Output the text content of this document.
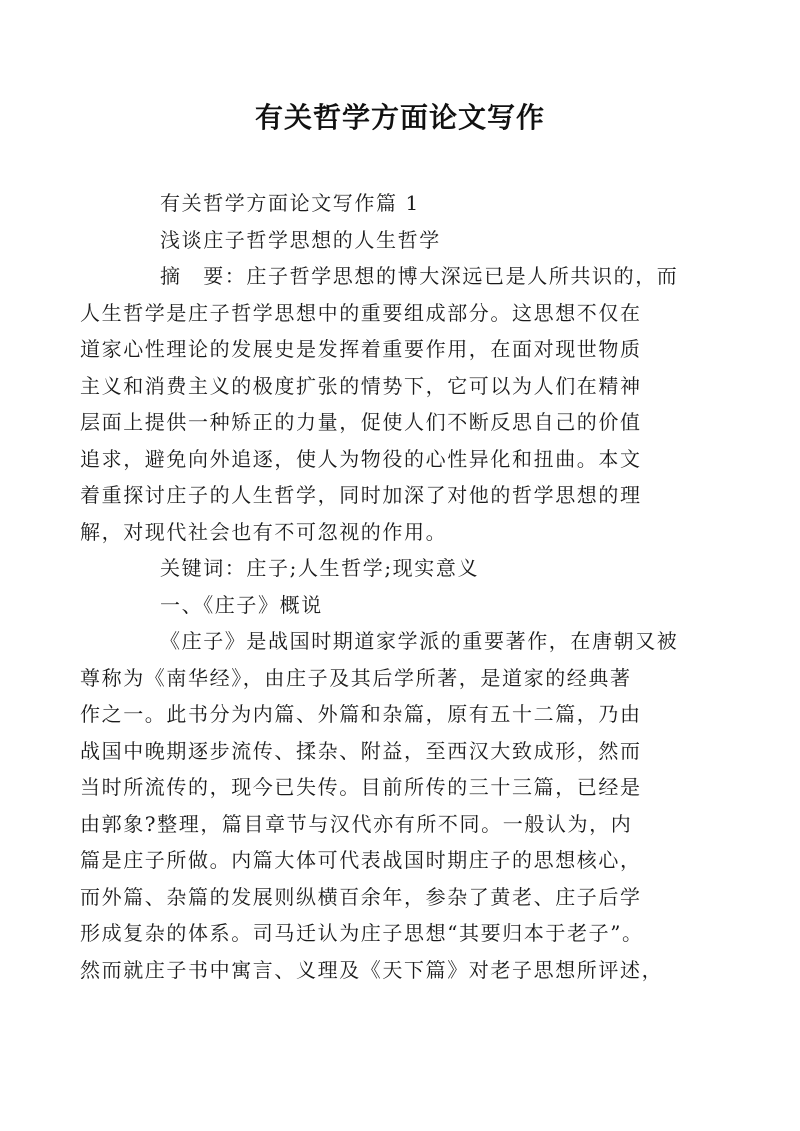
有关哲学方面论文写作

有关哲学方面论文写作篇 1

浅谈庄子哲学思想的人生哲学

摘　要：庄子哲学思想的博大深远已是人所共识的，而
人生哲学是庄子哲学思想中的重要组成部分。这思想不仅在
道家心性理论的发展史是发挥着重要作用，在面对现世物质
主义和消费主义的极度扩张的情势下，它可以为人们在精神
层面上提供一种矫正的力量，促使人们不断反思自己的价值
追求，避免向外追逐，使人为物役的心性异化和扭曲。本文
着重探讨庄子的人生哲学，同时加深了对他的哲学思想的理
解，对现代社会也有不可忽视的作用。

关键词：庄子;人生哲学;现实意义

一、《庄子》概说

《庄子》是战国时期道家学派的重要著作，在唐朝又被
尊称为《南华经》，由庄子及其后学所著，是道家的经典著
作之一。此书分为内篇、外篇和杂篇，原有五十二篇，乃由
战国中晚期逐步流传、揉杂、附益，至西汉大致成形，然而
当时所流传的，现今已失传。目前所传的三十三篇，已经是
由郭象?整理，篇目章节与汉代亦有所不同。一般认为，内
篇是庄子所做。内篇大体可代表战国时期庄子的思想核心，
而外篇、杂篇的发展则纵横百余年，参杂了黄老、庄子后学
形成复杂的体系。司马迁认为庄子思想“其要归本于老子”。
然而就庄子书中寓言、义理及《天下篇》对老子思想所评述，
